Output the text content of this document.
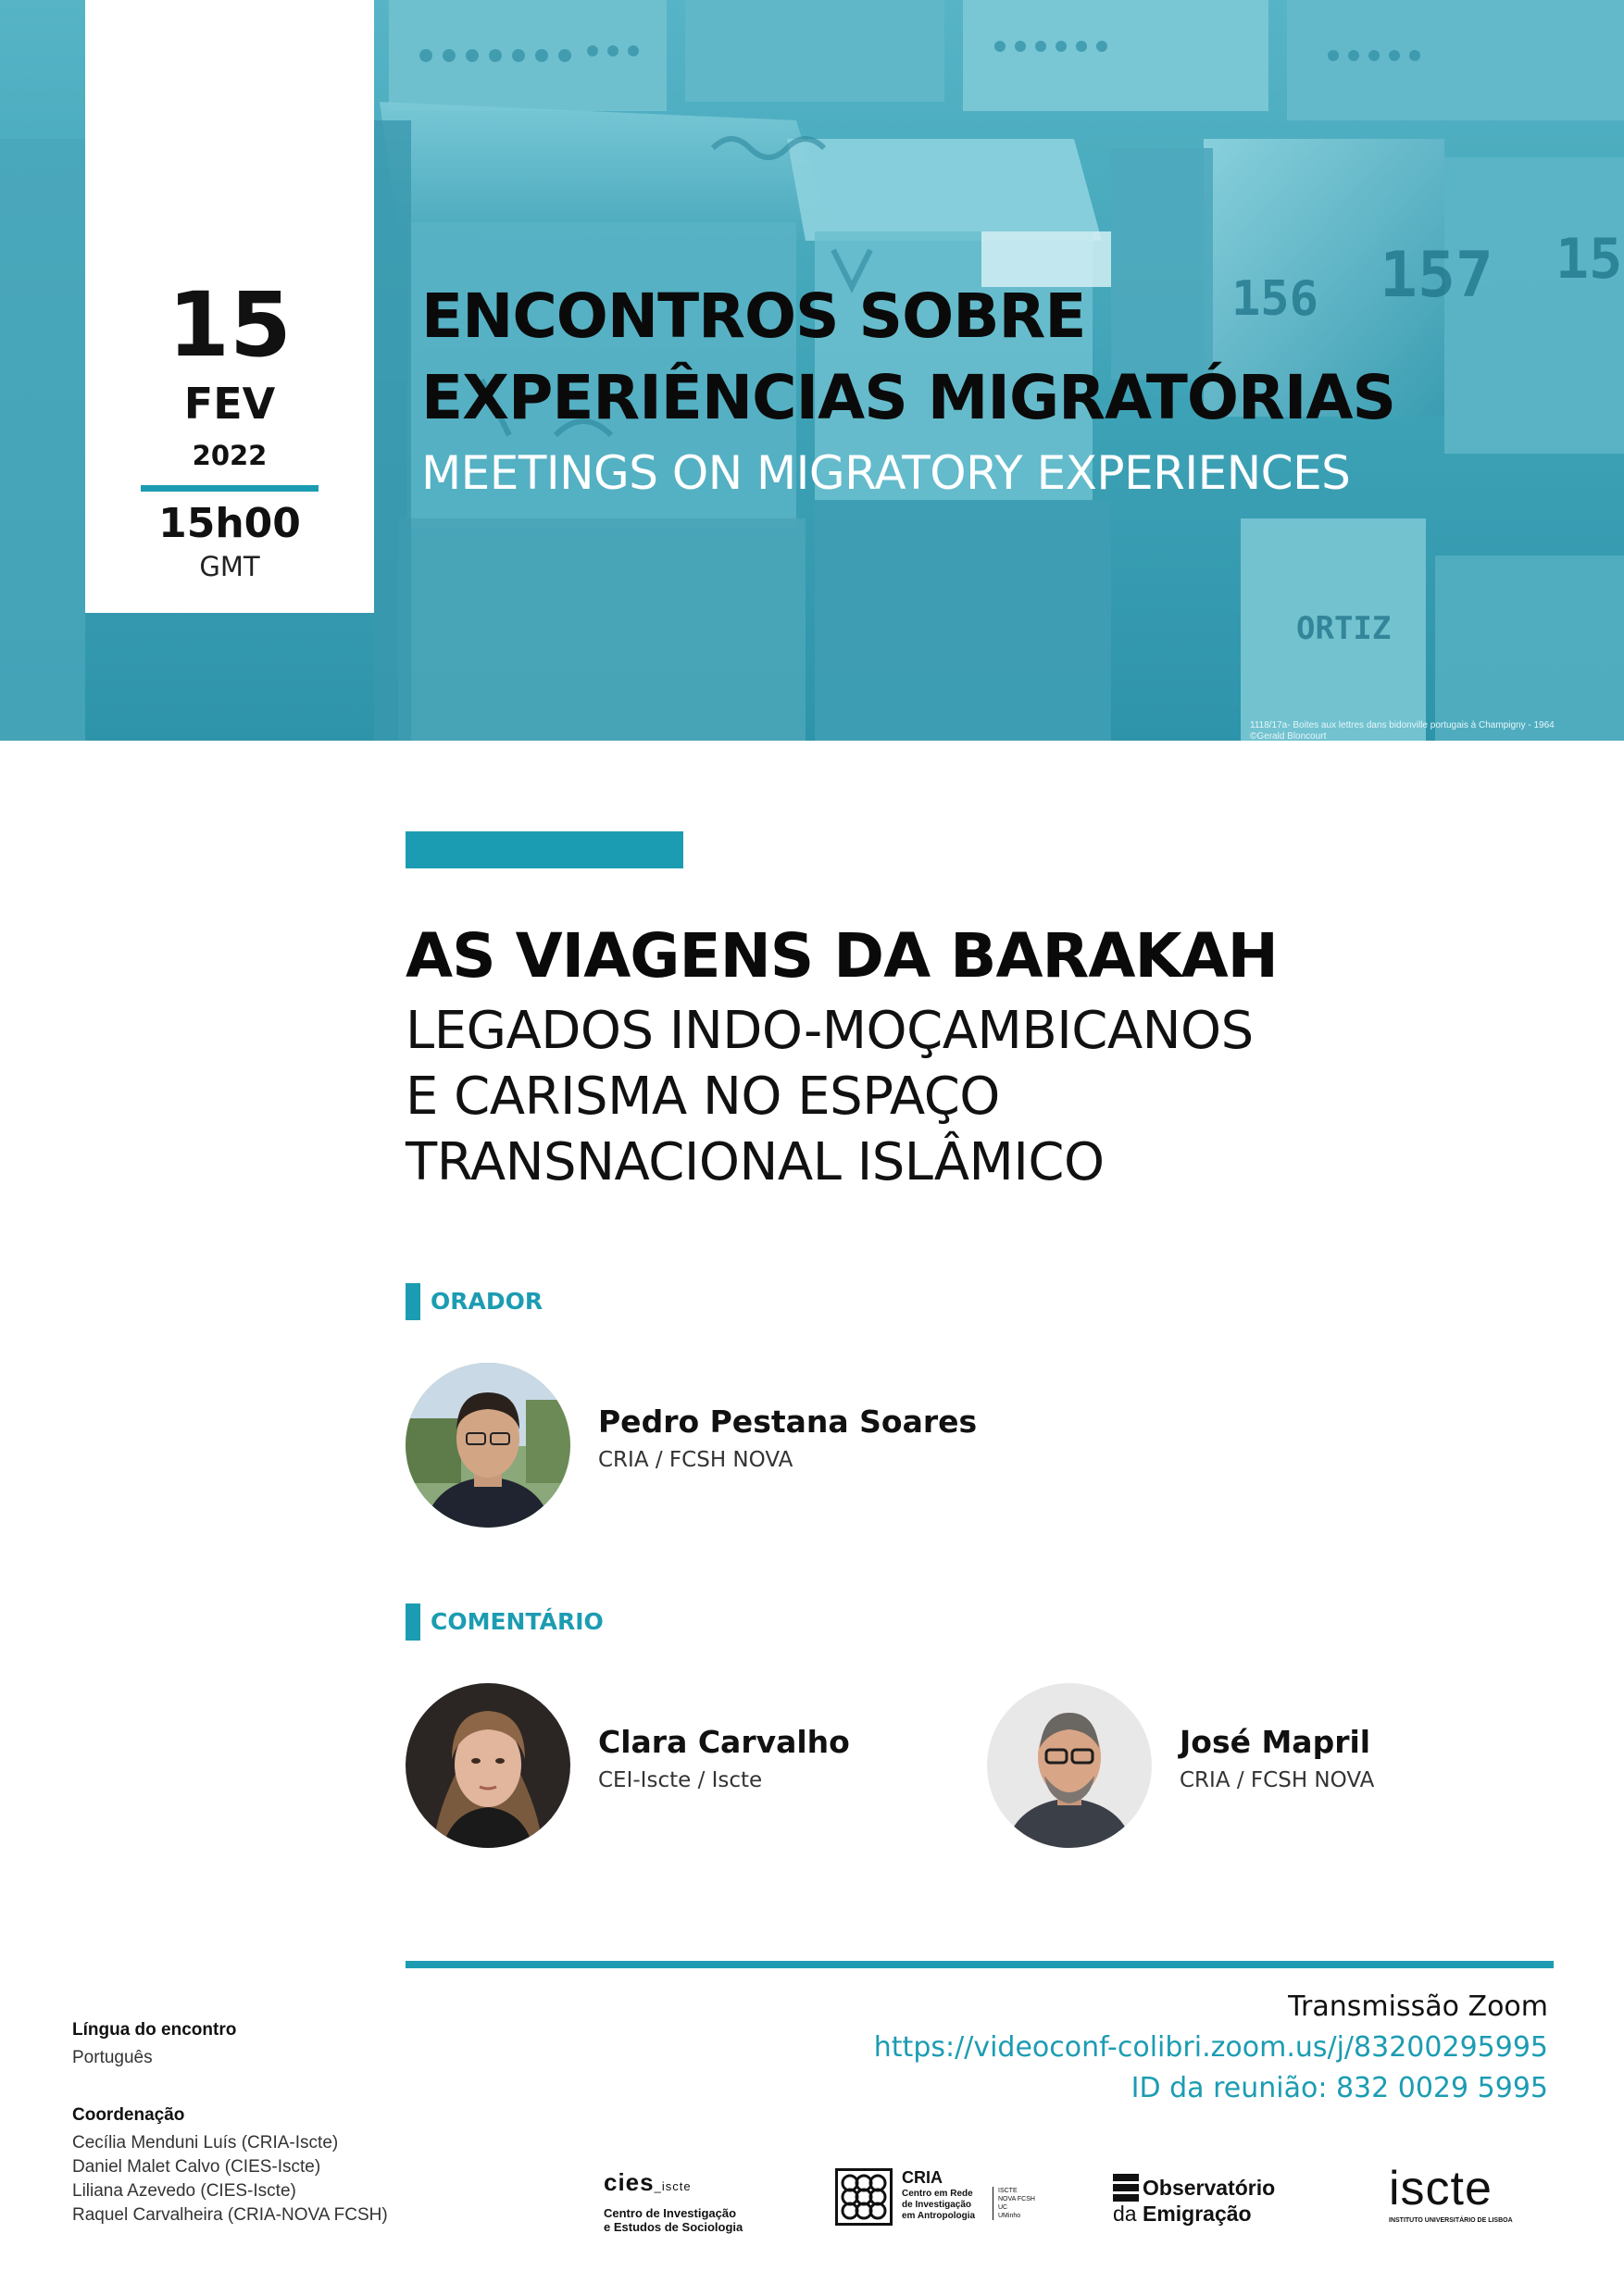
156 157 15
ORTIZ
1118/17a- Boites aux lettres dans bidonville portugais à Champigny - 1964
©Gerald Bloncourt
15
FEV
2022
15h00
GMT
ENCONTROS SOBRE
EXPERIÊNCIAS MIGRATÓRIAS
MEETINGS ON MIGRATORY EXPERIENCES
AS VIAGENS DA BARAKAH
LEGADOS INDO-MOÇAMBICANOS
E CARISMA NO ESPAÇO
TRANSNACIONAL ISLÂMICO
ORADOR
Pedro Pestana Soares
CRIA / FCSH NOVA
COMENTÁRIO
Clara Carvalho
CEI-Iscte / Iscte
José Mapril
CRIA / FCSH NOVA
Transmissão Zoom
https://videoconf-colibri.zoom.us/j/83200295995
ID da reunião: 832 0029 5995
Língua do encontro
Português
Coordenação
Cecília Menduni Luís (CRIA-Iscte)
Daniel Malet Calvo (CIES-Iscte)
Liliana Azevedo (CIES-Iscte)
Raquel Carvalheira (CRIA-NOVA FCSH)
cies_iscte
Centro de Investigação
e Estudos de Sociologia
CRIA
Centro em Rede
de Investigação
em Antropologia
ISCTE
NOVA FCSH
UC
UMinho
Observatório
da Emigração	iscte
INSTITUTO UNIVERSITÁRIO DE LISBOA
